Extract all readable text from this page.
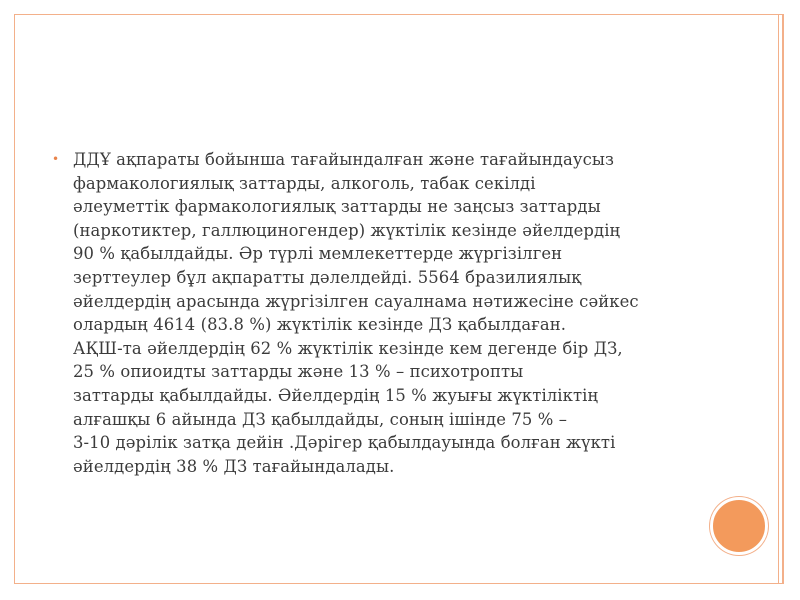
• ДДҰ ақпараты бойынша тағайындалған және тағайындаусыз
фармакологиялық заттарды, алкоголь, табак секілді
әлеуметтік фармакологиялық заттарды не заңсыз заттарды
(наркотиктер, галлюциногендер) жүктілік кезінде әйелдердің
90 % қабылдайды. Әр түрлі мемлекеттерде жүргізілген
зерттеулер бұл ақпаратты дәлелдейді. 5564 бразилиялық
әйелдердің арасында жүргізілген сауалнама нәтижесіне сәйкес
олардың 4614 (83.8 %) жүктілік кезінде ДЗ қабылдаған.
АҚШ-та әйелдердің 62 % жүктілік кезінде кем дегенде бір ДЗ,
25 % опиоидты заттарды және 13 % – психотропты
заттарды қабылдайды. Әйелдердің 15 % жуығы жүктіліктің
алғашқы 6 айында ДЗ қабылдайды, соның ішінде 75 % –
3-10 дәрілік затқа дейін .Дәрігер қабылдауында болған жүкті
әйелдердің 38 % ДЗ тағайындалады.
